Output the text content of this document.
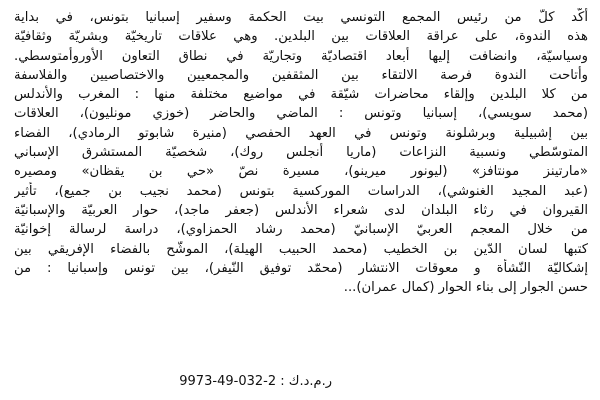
أكّد كلّ من رئيس المجمع التونسي بيت الحكمة وسفير إسبانيا بتونس، في بداية
هذه الندوة، على عراقة العلاقات بين البلدين. وهي علاقات تاريخيّة وبشريّة وثقافيّة
وسياسيّة، وانضافت إليها أبعاد اقتصاديّة وتجاريّة في نطاق التعاون الأوروأمتوسطي.
وأتاحت الندوة فرصة الالتقاء بين المثقفين والمجمعيين والاختصاصيين والفلاسفة
من كلا البلدين وإلقاء محاضرات شيّقة في مواضيع مختلفة منها : المغرب والأندلس
(محمد سويسي)، إسبانيا وتونس : الماضي والحاضر (خوزي مونليون)، العلاقات
بين إشبيلية وبرشلونة وتونس في العهد الحفصي (منيرة شابوتو الرمادي)، الفضاء
المتوسّطي ونسبية النزاعات (ماريا أنجلس روك)، شخصيّة المستشرق الإسباني
«مارتينز مونتافز» (ليونور ميرينو)، مسيرة نصّ «حي بن يقظان» ومصيره
(عبد المجيد الغنوشي)، الدراسات الموركسية بتونس (محمد نجيب بن جميع)، تأثير
القيروان في رثاء البلدان لدى شعراء الأندلس (جعفر ماجد)، حوار العربيّة والإسبانيّة
من خلال المعجم العربيّ الإسبانيّ (محمد رشاد الحمزاوي)، دراسة لرسالة إخوانيّة
كتبها لسان الدّين بن الخطيب (محمد الحبيب الهيلة)، الموشّح بالفضاء الإفريقي بين
إشكاليّة النّشأة و معوقات الانتشار (محمّد توفيق النّيفر)، بين تونس وإسبانيا : من
حسن الجوار إلى بناء الحوار (كمال عمران)...
ر.م.د.ك : 2-032-49-9973
